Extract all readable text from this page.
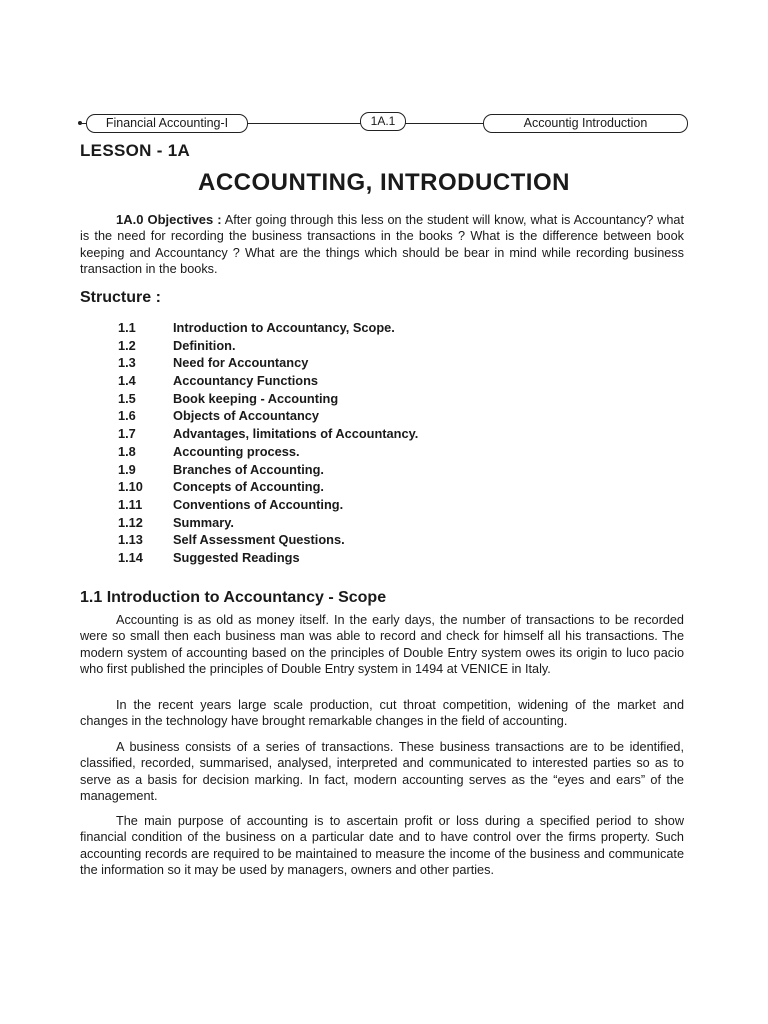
Financial Accounting-I	1A.1	Accountig Introduction
LESSON - 1A
ACCOUNTING, INTRODUCTION

1A.0 Objectives : After going through this less on the student will know, what is Accountancy? what is the need for recording the business transactions in the books ? What is the difference between book keeping and Accountancy ? What are the things which should be bear in mind while recording business transaction in the books.

Structure :
1.1	Introduction to Accountancy, Scope.
1.2	Definition.
1.3	Need for Accountancy
1.4	Accountancy Functions
1.5	Book keeping - Accounting
1.6	Objects of Accountancy
1.7	Advantages, limitations of Accountancy.
1.8	Accounting process.
1.9	Branches of Accounting.
1.10	Concepts of Accounting.
1.11	Conventions of Accounting.
1.12	Summary.
1.13	Self Assessment Questions.
1.14	Suggested Readings
1.1 Introduction to Accountancy - Scope

Accounting is as old as money itself. In the early days, the number of transactions to be recorded were so small then each business man was able to record and check for himself all his transactions. The modern system of accounting based on the principles of Double Entry system owes its origin to luco pacio who first published the principles of Double Entry system in 1494 at VENICE in Italy.

In the recent years large scale production, cut throat competition, widening of the market and changes in the technology have brought remarkable changes in the field of accounting.

A business consists of a series of transactions. These business transactions are to be identified, classified, recorded, summarised, analysed, interpreted and communicated to interested parties so as to serve as a basis for decision marking. In fact, modern accounting serves as the “eyes and ears” of the management.

The main purpose of accounting is to ascertain profit or loss during a specified period to show financial condition of the business on a particular date and to have control over the firms property. Such accounting records are required to be maintained to measure the income of the business and communicate the information so it may be used by managers, owners and other parties.
